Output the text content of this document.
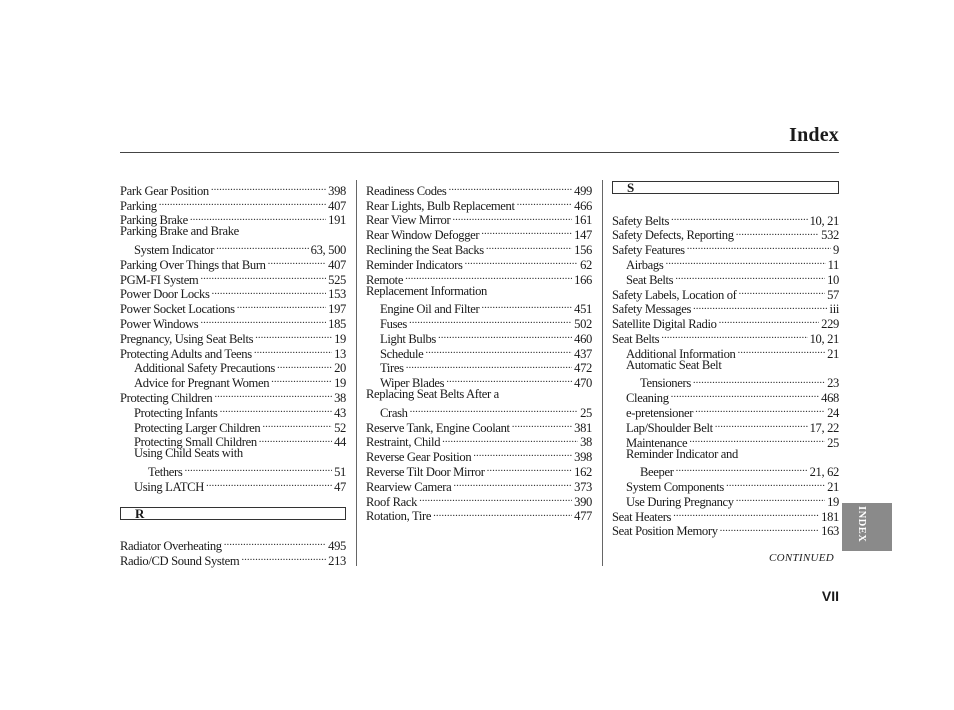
Index
Park Gear Position .....	398
Parking .....	407
Parking Brake .....	191
Parking Brake and Brake
System Indicator .....	63, 500
Parking Over Things that Burn .....	407
PGM-FI System .....	525
Power Door Locks .....	153
Power Socket Locations .....	197
Power Windows .....	185
Pregnancy, Using Seat Belts .....	19
Protecting Adults and Teens .....	13
Additional Safety Precautions .....	20
Advice for Pregnant Women .....	19
Protecting Children .....	38
Protecting Infants .....	43
Protecting Larger Children .....	52
Protecting Small Children .....	44
Using Child Seats with
Tethers .....	51
Using LATCH .....	47
R
Radiator Overheating .....	495
Radio/CD Sound System .....	213
Readiness Codes .....	499
Rear Lights, Bulb Replacement .....	466
Rear View Mirror .....	161
Rear Window Defogger .....	147
Reclining the Seat Backs .....	156
Reminder Indicators .....	62
Remote .....	166
Replacement Information
Engine Oil and Filter .....	451
Fuses .....	502
Light Bulbs .....	460
Schedule .....	437
Tires .....	472
Wiper Blades .....	470
Replacing Seat Belts After a
Crash .....	25
Reserve Tank, Engine Coolant .....	381
Restraint, Child .....	38
Reverse Gear Position .....	398
Reverse Tilt Door Mirror .....	162
Rearview Camera .....	373
Roof Rack .....	390
Rotation, Tire .....	477
S
Safety Belts .....	10, 21
Safety Defects, Reporting .....	532
Safety Features .....	9
Airbags .....	11
Seat Belts .....	10
Safety Labels, Location of .....	57
Safety Messages .....	iii
Satellite Digital Radio .....	229
Seat Belts .....	10, 21
Additional Information .....	21
Automatic Seat Belt
Tensioners .....	23
Cleaning .....	468
e-pretensioner .....	24
Lap/Shoulder Belt .....	17, 22
Maintenance .....	25
Reminder Indicator and
Beeper .....	21, 62
System Components .....	21
Use During Pregnancy .....	19
Seat Heaters .....	181
Seat Position Memory .....	163
CONTINUED
VII
INDEX
